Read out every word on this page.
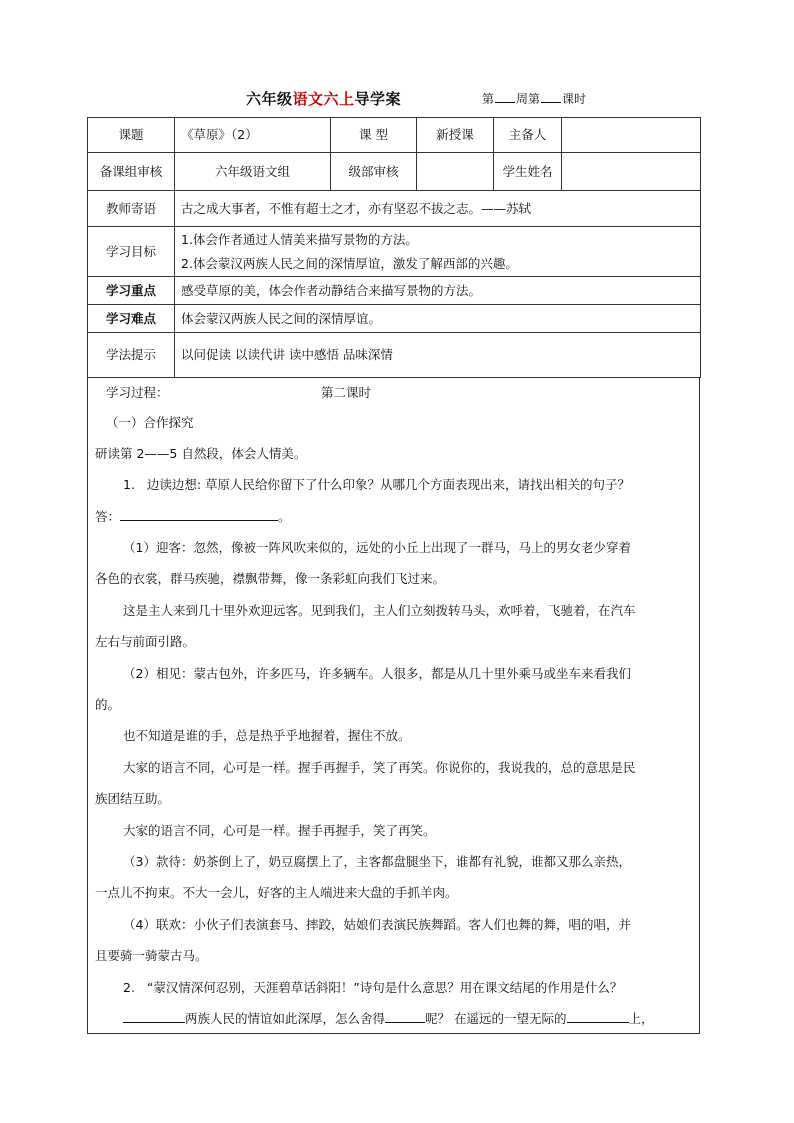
六年级语文六上导学案	第 周第 课时
课题	《草原》（2）	课 型	新授课	主备人	
备课组审核	六年级语文组	级部审核		学生姓名	
教师寄语	古之成大事者，不惟有超士之才，亦有坚忍不拔之志。——苏轼				
学习目标	1.体会作者通过人情美来描写景物的方法。
2.体会蒙汉两族人民之间的深情厚谊，激发了解西部的兴趣。				

学习重点	感受草原的美，体会作者动静结合来描写景物的方法。				
学习难点	体会蒙汉两族人民之间的深情厚谊。				
学法提示	以问促读 以读代讲 读中感悟 品味深情				
学习过程：	第二课时
（一）合作探究
研读第 2——5 自然段，体会人情美。
1. 边读边想: 草原人民给你留下了什么印象？从哪几个方面表现出来，请找出相关的句子？
答：	。
（1）迎客：忽然，像被一阵风吹来似的，远处的小丘上出现了一群马，马上的男女老少穿着
各色的衣裳，群马疾驰，襟飘带舞，像一条彩虹向我们飞过来。
这是主人来到几十里外欢迎远客。见到我们，主人们立刻拨转马头，欢呼着，飞驰着，在汽车
左右与前面引路。
（2）相见：蒙古包外，许多匹马，许多辆车。人很多，都是从几十里外乘马或坐车来看我们
的。
也不知道是谁的手，总是热乎乎地握着，握住不放。
大家的语言不同，心可是一样。握手再握手，笑了再笑。你说你的，我说我的，总的意思是民
族团结互助。
大家的语言不同，心可是一样。握手再握手，笑了再笑。
（3）款待：奶茶倒上了，奶豆腐摆上了，主客都盘腿坐下，谁都有礼貌，谁都又那么亲热，
一点儿不拘束。不大一会儿，好客的主人端进来大盘的手抓羊肉。
（4）联欢：小伙子们表演套马、摔跤，姑娘们表演民族舞蹈。客人们也舞的舞，唱的唱，并
且要骑一骑蒙古马。
2. “蒙汉情深何忍别，天涯碧草话斜阳！”诗句是什么意思？用在课文结尾的作用是什么？
两族人民的情谊如此深厚，怎么舍得	呢？ 在遥远的一望无际的	上，
